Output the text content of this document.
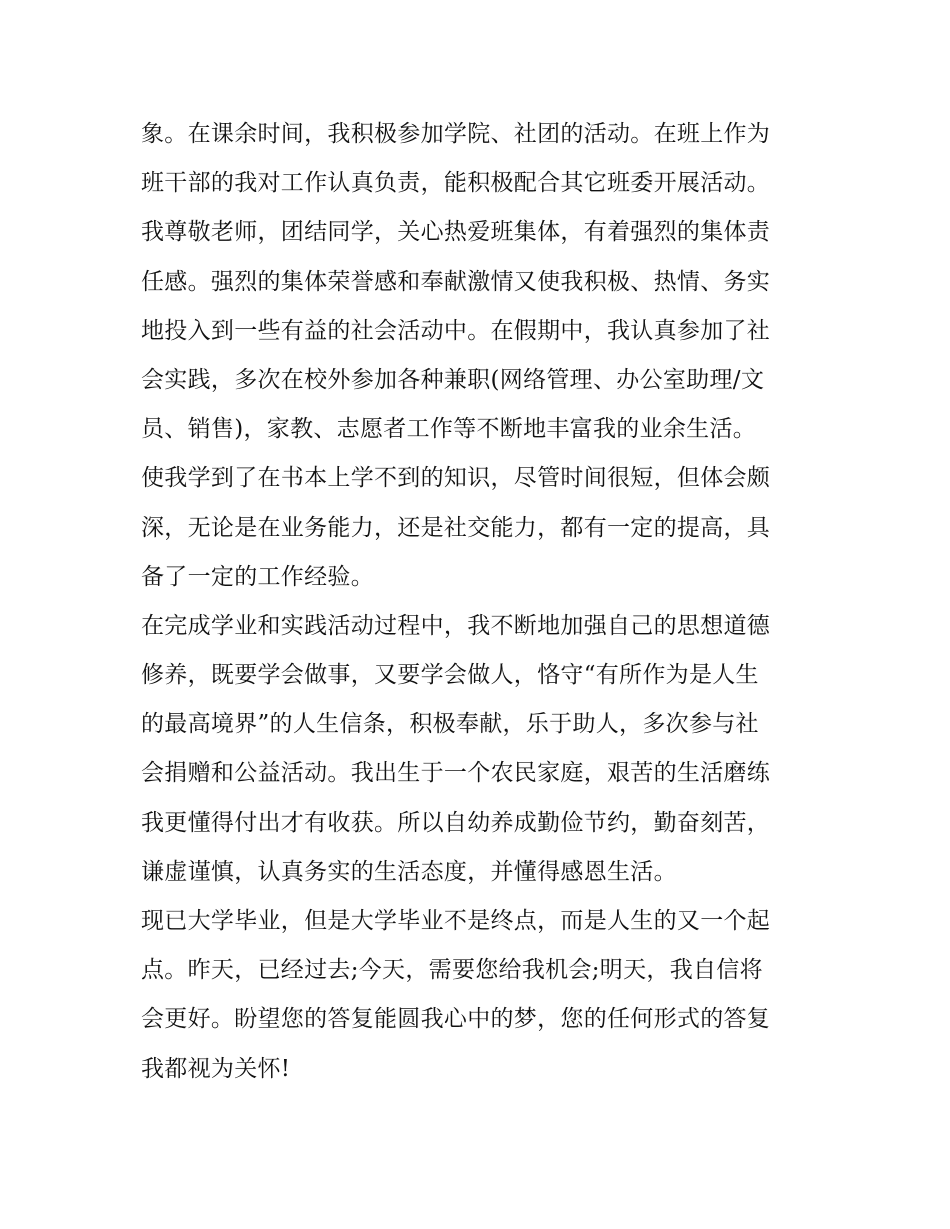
象。在课余时间，我积极参加学院、社团的活动。在班上作为
班干部的我对工作认真负责，能积极配合其它班委开展活动。
我尊敬老师，团结同学，关心热爱班集体，有着强烈的集体责
任感。强烈的集体荣誉感和奉献激情又使我积极、热情、务实
地投入到一些有益的社会活动中。在假期中，我认真参加了社
会实践，多次在校外参加各种兼职(网络管理、办公室助理/文
员、销售)，家教、志愿者工作等不断地丰富我的业余生活。
使我学到了在书本上学不到的知识，尽管时间很短，但体会颇
深，无论是在业务能力，还是社交能力，都有一定的提高，具
备了一定的工作经验。
在完成学业和实践活动过程中，我不断地加强自己的思想道德
修养，既要学会做事，又要学会做人，恪守“有所作为是人生
的最高境界”的人生信条，积极奉献，乐于助人，多次参与社
会捐赠和公益活动。我出生于一个农民家庭，艰苦的生活磨练
我更懂得付出才有收获。所以自幼养成勤俭节约，勤奋刻苦，
谦虚谨慎，认真务实的生活态度，并懂得感恩生活。
现已大学毕业，但是大学毕业不是终点，而是人生的又一个起
点。昨天，已经过去;今天，需要您给我机会;明天，我自信将
会更好。盼望您的答复能圆我心中的梦，您的任何形式的答复
我都视为关怀!
